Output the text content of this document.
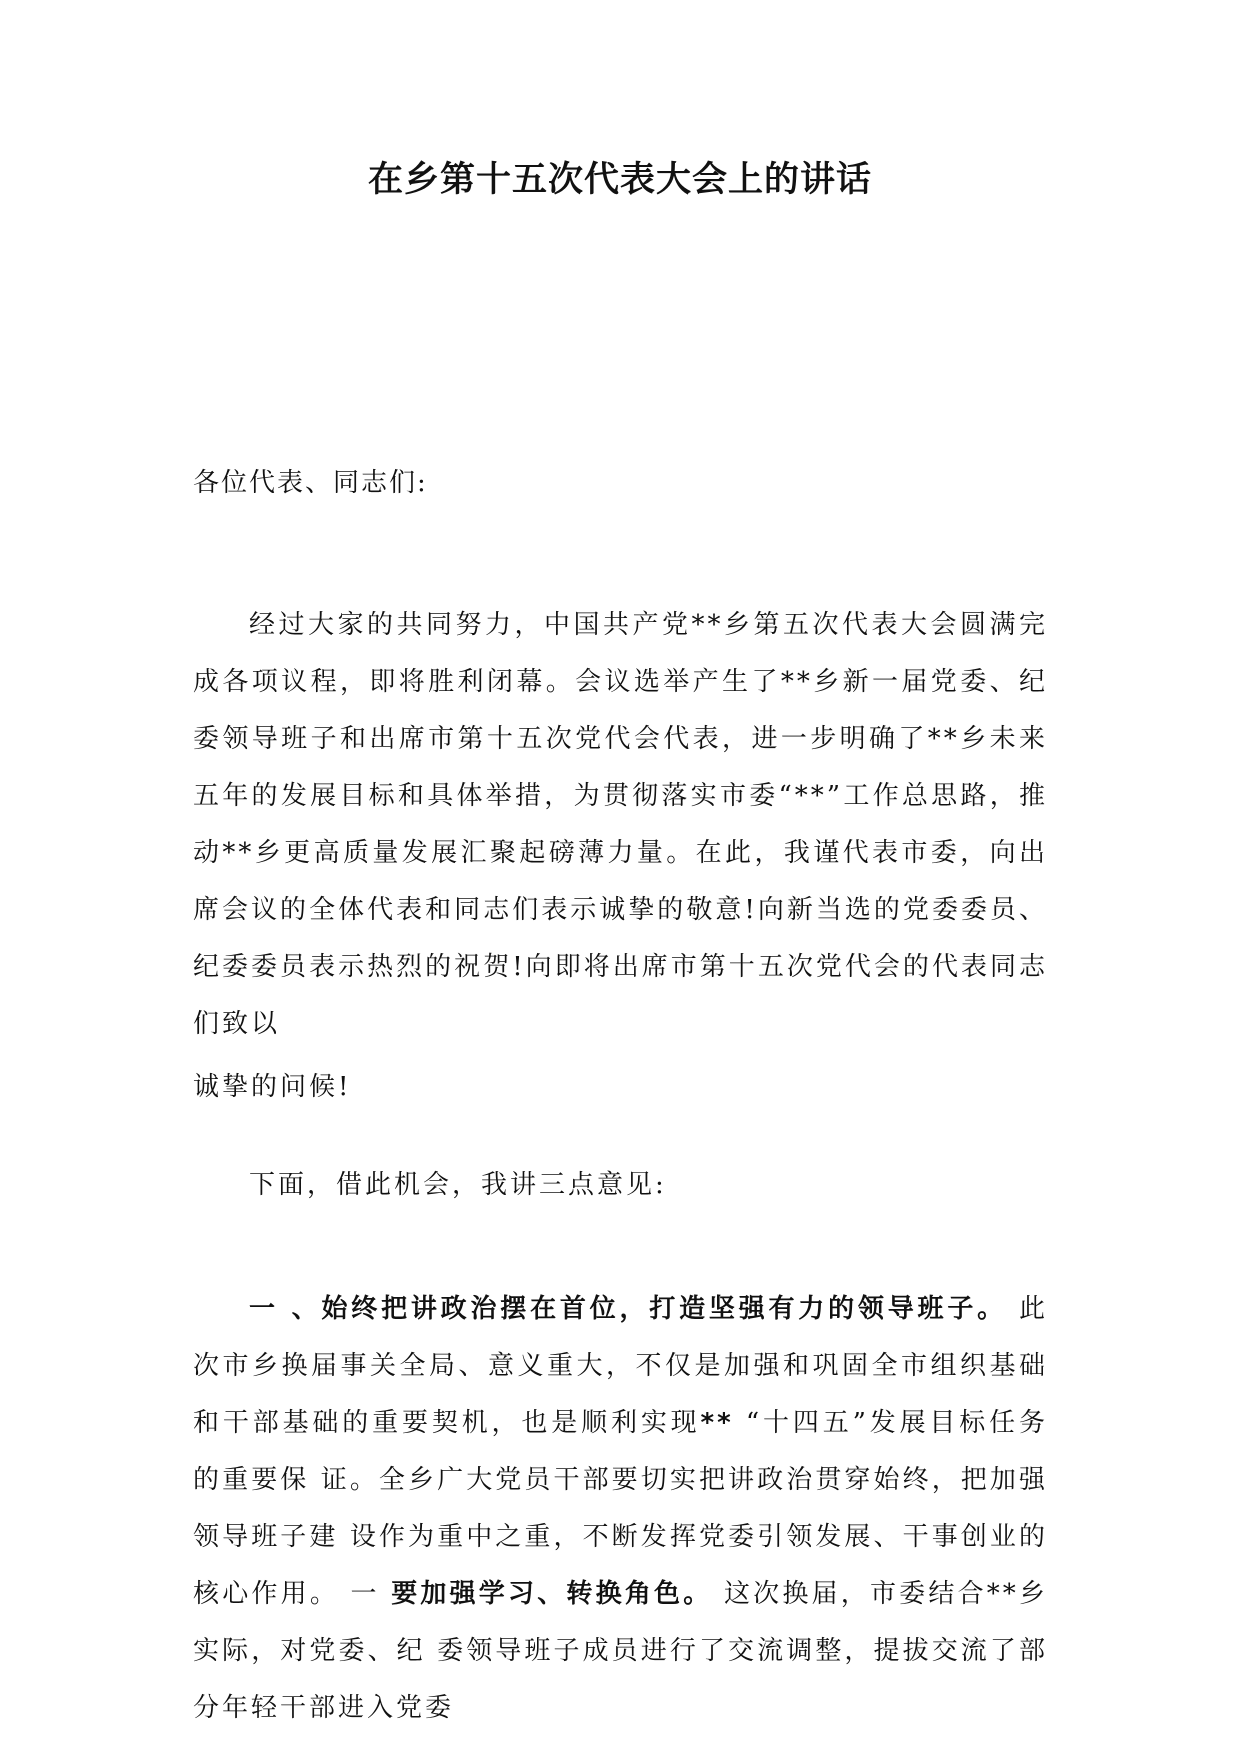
在乡第十五次代表大会上的讲话

各位代表、同志们:

经过大家的共同努力，中国共产党**乡第五次代表大会圆满完成各项议程，即将胜利闭幕。会议选举产生了**乡新一届党委、纪委领导班子和出席市第十五次党代会代表，进一步明确了**乡未来五年的发展目标和具体举措，为贯彻落实市委“**”工作总思路，推动**乡更高质量发展汇聚起磅薄力量。在此，我谨代表市委，向出席会议的全体代表和同志们表示诚挚的敬意!向新当选的党委委员、纪委委员表示热烈的祝贺!向即将出席市第十五次党代会的代表同志们致以
诚挚的问候!

下面，借此机会，我讲三点意见:

一 、始终把讲政治摆在首位，打造坚强有力的领导班子。 此次市乡换届事关全局、意义重大，不仅是加强和巩固全市组织基础和干部基础的重要契机，也是顺利实现** “十四五”发展目标任务的重要保 证。全乡广大党员干部要切实把讲政治贯穿始终，把加强领导班子建 设作为重中之重，不断发挥党委引领发展、干事创业的核心作用。 一 要加强学习、转换角色。 这次换届，市委结合**乡实际，对党委、纪 委领导班子成员进行了交流调整，提拔交流了部分年轻干部进入党委
